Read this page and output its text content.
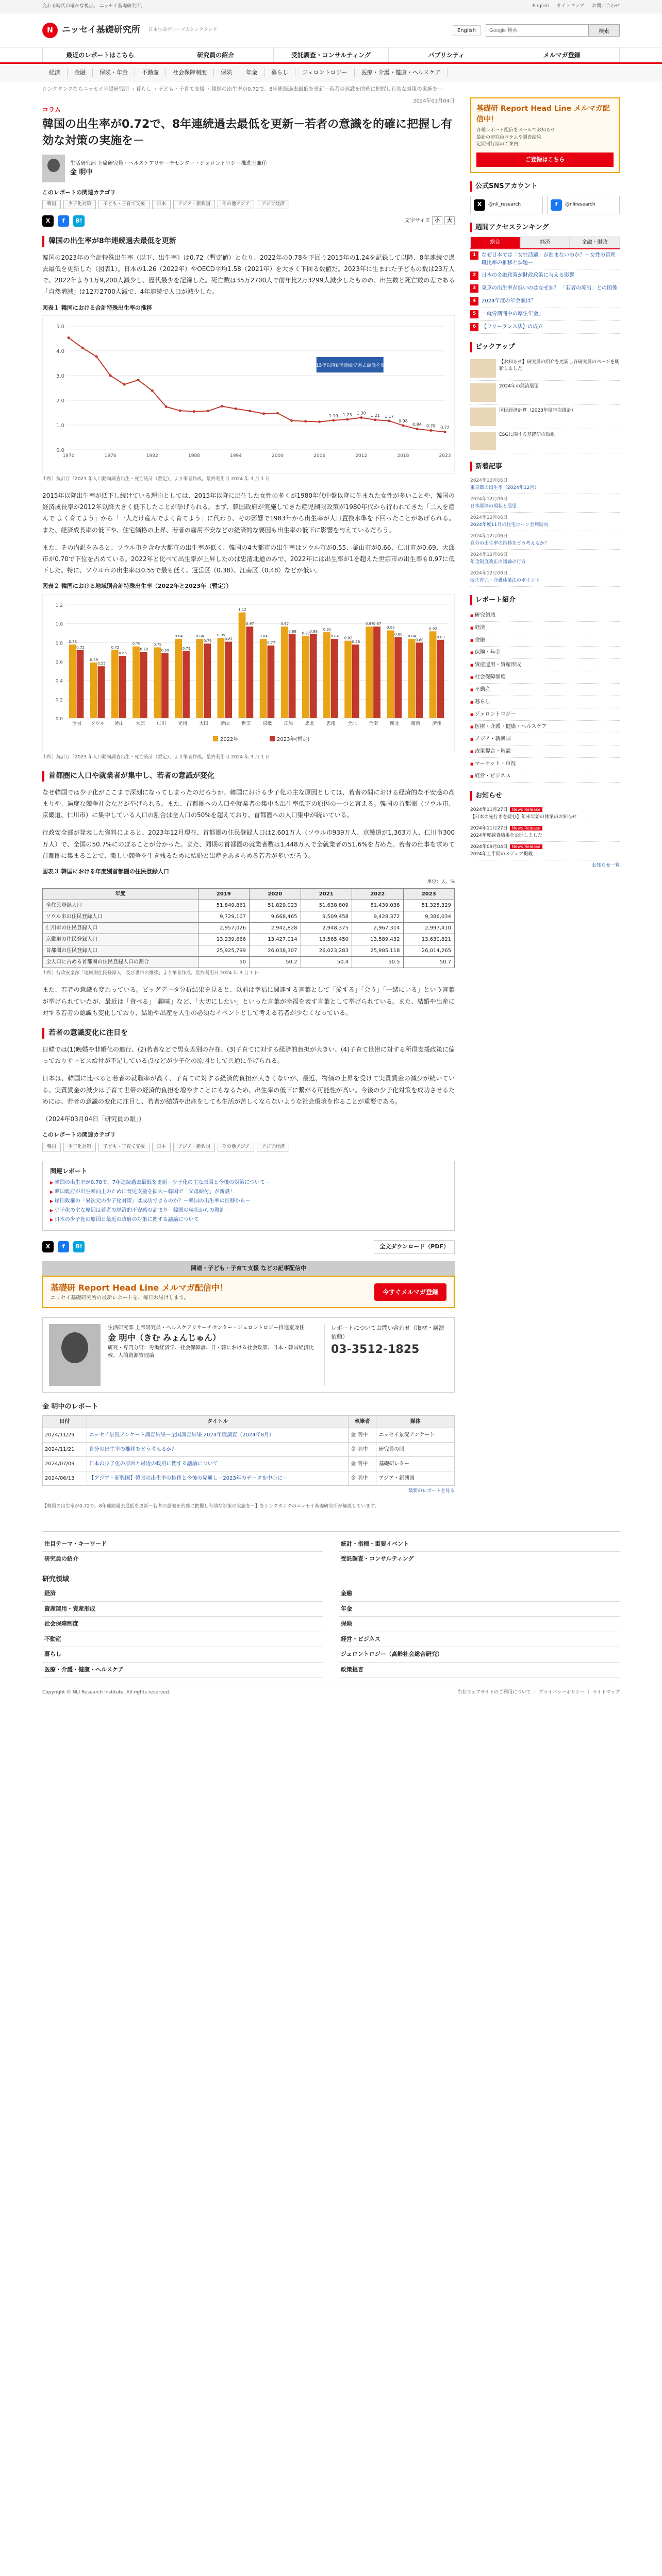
変わる時代の確かな視点。 ニッセイ基礎研究所。	English サイトマップ お問い合わせ
N	ニッセイ基礎研究所 日本生命グループのシンクタンク	English
Google 検索	検索
最近のレポートはこちら	研究員の紹介	受託調査・コンサルティング	パブリシティ	メルマガ登録
経済	金融	保険・年金	不動産	社会保障制度	保険	年金	暮らし	ジェロントロジー	医療・介護・健康・ヘルスケア
シンクタンクならニッセイ基礎研究所 › 暮らし › 子ども・子育て支援 › 韓国の出生率が0.72で、8年連続過去最低を更新－若者の意識を的確に把握し有効な対策の実施を－
2024年03月04日
コラム
韓国の出生率が0.72で、8年連続過去最低を更新－若者の意識を的確に把握し有効な対策の実施を－
生活研究部 上席研究員・ヘルスケアリサーチセンター・ジェロントロジー推進室兼任
金 明中
このレポートの関連カテゴリ
韓国	少子化対策	子ども・子育て支援	日本	アジア・新興国	その他アジア	アジア経済
X	f	B!	文字サイズ 小	大
韓国の出生率が8年連続過去最低を更新

韓国の2023年の合計特殊出生率（以下、出生率）は0.72（暫定値）となり、2022年の0.78を下回り2015年の1.24を記録して以降、8年連続で過去最低を更新した（図表1）。日本の1.26（2022年）やOECD平均1.58（2021年）を大きく下回る数値だ。2023年に生まれた子どもの数は23万人で、2022年より1万9,200人減少し、歴代最少を記録した。死亡数は35万2700人で前年比2万3299人減少したものの、出生数と死亡数の差である「自然増減」は12万2700人減で、4年連続で人口が減少した。

図表１ 韓国における合計特殊出生率の推移
0.0
1.0
2.0
3.0
4.0
5.0
1970	1976	1982	1988	1994	2000	2006
1.19 1.23
2012
1.30 1.21 1.17
2018
0.98
0.84 0.78
2023
0.72
2015年以降8年連続で過去最低を更新
出所）統計庁「2023 年人口動向調査出生・死亡統計（暫定）」より筆者作成。最終利用日 2024 年 3 月 1 日

2015年以降出生率が低下し続けている理由としては、2015年以降に出生した女性の多くが1980年代中盤以降に生まれた女性が多いことや、韓国の経済成長率が2012年以降大きく低下したことが挙げられる。まず、韓国政府が実施してきた産児制限政策が1980年代から行われてきた「二人を産んで よく育てよう」から「一人だけ産んでよく育てよう」に代わり、その影響で1983年から出生率が人口置換水準を下回ったことがあげられる。また、経済成長率の低下や、住宅価格の上昇、若者の雇用不安などの経済的な要因も出生率の低下に影響を与えているだろう。

また、その内訳をみると、ソウル市を含む大都市の出生率が低く、韓国の4大都市の出生率はソウル市が0.55、釜山市が0.66、仁川市が0.69、大邱市が0.70で下位を占めている。2022年と比べて出生率が上昇したのは忠清北道のみで、2022年には出生率が1を超えた世宗市の出生率も0.97に低下した。特に、ソウル市の出生率は0.55で最も低く、冠岳区（0.38）、江南区（0.48）などが低い。

図表２ 韓国における地域別合計特殊出生率（2022年と2023年（暫定））
0.0
0.2
0.4
0.6
0.8
1.0
1.2
0.78
0.72
全国
0.59
0.55
ソウル
0.72
0.66
釜山
0.76
0.70
大邱
0.75
0.69
仁川
0.84
0.71
光州
0.84
0.79
大田
0.85
0.81
蔚山
1.12
0.97
世宗
0.84
0.77
京畿
0.97
0.89
江原
0.87 0.89
忠北
0.91
0.84
忠南
0.82
0.78
全北
0.97 0.97
全南
0.93
0.86
慶北
0.84
0.80
慶南
0.92
0.83
済州
2022年	2023年(暫定)
出所）統計庁「2023 年人口動向調査出生・死亡統計（暫定）」より筆者作成。最終利用日 2024 年 3 月 1 日
首都圏に人口や就業者が集中し、若者の意識が変化

なぜ韓国では少子化がここまで深刻になってしまったのだろうか。韓国における少子化の主な原因としては、若者の間における経済的な不安感の高まりや、過度な競争社会などが挙げられる。また、首都圏への人口や就業者の集中も出生率低下の原因の一つと言える。韓国の首都圏（ソウル市、京畿道、仁川市）に集中している人口の割合は全人口の50%を超えており、首都圏への人口集中が続いている。

行政安全部が発表した資料によると、2023年12月現在、首都圏の住民登録人口は2,601万人（ソウル市939万人、京畿道が1,363万人、仁川市300万人）で、全国の50.7%にのぼることが分かった。また、同期の首都圏の就業者数は1,448万人で全就業者の51.6%を占めた。若者の仕事を求めて首都圏に集まることで、激しい競争を生き残るために結婚と出産をあきらめる若者が多いだろう。

図表３ 韓国における年度別首都圏の住民登録人口
単位：人、%
年度	2019	2020	2021	2022	2023
全住民登録人口	51,849,861	51,829,023	51,638,809	51,439,038	51,325,329
ソウル市の住民登録人口	9,729,107	9,668,465	9,509,458	9,428,372	9,386,034
仁川市の住民登録人口	2,957,026	2,942,828	2,948,375	2,967,314	2,997,410
京畿道の住民登録人口	13,239,666	13,427,014	13,565,450	13,589,432	13,630,821
首都圏の住民登録人口	25,925,799	26,038,307	26,023,283	25,985,118	26,014,265
全人口に占める首都圏の住民登録人口の割合	50	50.2	50.4	50.5	50.7
出所）行政安全部「地域別住民登録人口及び世帯の推移」より筆者作成。最終利用日 2024 年 3 月 1 日

また、若者の意識も変わっている。ビッグデータ分析結果を見ると、以前は幸福に関連する言葉として「愛する」「会う」「一緒にいる」という言葉が挙げられていたが、最近は「食べる」「趣味」など、「大切にしたい」といった言葉が幸福を表す言葉として挙げられている。また、結婚や出産に対する若者の認識も変化しており、結婚や出産を人生の必須なイベントとして考える若者が少なくなっている。

若者の意識変化に注目を

日韓では(1)晩婚や非婚化の進行、(2)若者などで男女差別の存在、(3)子育てに対する経済的負担が大きい、(4)子育て世帯に対する所得支援政策に偏っておりサービス給付が不足している点などが少子化の原因として共通に挙げられる。

日本は、韓国に比べると若者の就職率が高く、子育てに対する経済的負担が大きくないが、最近、物価の上昇を受けて実質賃金の減少が続いている。実質賃金の減少は子育て世帯の経済的負担を増やすことにもなるため、出生率の低下に繋がる可能性が高い。今後の少子化対策を成功させるためには、若者の意識の変化に注目し、若者が結婚や出産をしても生活が苦しくならないような社会環境を作ることが重要である。

（2024年03月04日「研究員の眼」）

このレポートの関連カテゴリ
韓国	少子化対策	子ども・子育て支援	日本	アジア・新興国	その他アジア	アジア経済
関連レポート
▶ 韓国の出生率が0.78で、7年連続過去最低を更新－少子化の主な原因と今後の対策について－
▶ 韓国政府が出生率向上のために育児支援を拡大－韓国で「父母給付」が新設！
▶ 岸田政権の「異次元の少子化対策」は成功できるのか？－韓国の出生率の推移から－
▶ 少子化の主な原因は若者の経済的不安感の高まり－韓国の現状からの教訓－
▶ 日本の少子化の原因と最近の政府の対策に関する議論について
X	f	B!	全文ダウンロード（PDF）
関連・子ども・子育て支援 などの記事配信中
基礎研 Report Head Line メルマガ配信中！
ニッセイ基礎研究所の最新レポートを、毎日お届けします。
今すぐメルマガ登録
生活研究部 上席研究員・ヘルスケアリサーチセンター・ジェロントロジー推進室兼任
金 明中（きむ みょんじゅん）
研究・専門分野：労働経済学、社会保障論、日・韓における社会政策、日本・韓国経済比較、人的資源管理論
レポートについてお問い合わせ（取材・講演依頼）
03-3512-1825
金 明中のレポート
日付	タイトル	執筆者	媒体
2024/11/29	ニッセイ景況アンケート調査結果－全国調査結果 2024年度調査（2024年8月）	金 明中	ニッセイ景況アンケート
2024/11/21	自分の出生率の推移をどう考えるか？	金 明中	研究員の眼
2024/07/09	日本の少子化の原因と最近の政府に関する議論について	金 明中	基礎研レター
2024/06/13	【アジア・新興国】韓国の出生率の推移と今後の見通し－2023年のデータを中心に－	金 明中	アジア・新興国
最新のレポートを見る
【韓国の出生率が0.72で、8年連続過去最低を更新－若者の意識を的確に把握し有効な対策の実施を－】をシンクタンクのニッセイ基礎研究所が解説しています。
基礎研 Report Head Line メルマガ配信中！
各種レポート配信をメールでお知らせ
最新の研究員コラムや調査結果
定期刊行誌のご案内
ご登録はこちら
公式SNSアカウント
X	@nli_research	f	@nliresearch
週間アクセスランキング
総合	経済	金融・財政
1	なぜ日本では「女性活躍」が進まないのか？－女性の管理職比率の推移と課題－
2	日本の金融政策が財政政策に与える影響
3	東京の出生率が低いのはなぜか？ 「若者の流出」との関係
4	2024年度の年金額は？
5	「就労期間中の厚生年金」
6	【フリーランス法】の成立
ピックアップ
【お知らせ】研究員の紹介を更新し各研究員のページを刷新しました
2024年の経済展望
国民経済計算（2023年度年次推計）
ESGに関する基礎研の取組
新着記事
2024年12月06日
東京都の出生率（2024年12月）
2024年12月06日
日本経済の現状と展望
2024年12月06日
2024年度11月の住宅ローン金利動向
2024年12月06日
自分の出生率の推移をどう考えるか？
2024年12月06日
年金制度改正の議論の行方
2024年12月06日
改正育児・介護休業法のポイント
レポート紹介
■ 研究領域
■ 経済
■ 金融
■ 保険・年金
■ 資産運用・資産形成
■ 社会保障制度
■ 不動産
■ 暮らし
■ ジェロントロジー
■ 医療・介護・健康・ヘルスケア
■ アジア・新興国
■ 政策提言・解説
■ マーケット・市況
■ 経営・ビジネス
お知らせ
2024年11月27日 News Release
【日本の先行きを読む】年末年始の休業のお知らせ
2024年11月27日 News Release
2024年度調査結果を公開しました
2024年09月04日 News Release
2024年上半期のメディア掲載
お知らせ一覧
注目テーマ・キーワード	統計・指標・重要イベント
研究員の紹介	受託調査・コンサルティング
研究領域
経済	金融
資産運用・資産形成	年金
社会保障制度	保険
不動産	経営・ビジネス
暮らし	ジェロントロジー（高齢社会総合研究）
医療・介護・健康・ヘルスケア	政策提言
Copyright © NLI Research Institute. All rights reserved.	当社ウェブサイトのご利用について ｜ プライバシーポリシー ｜ サイトマップ
